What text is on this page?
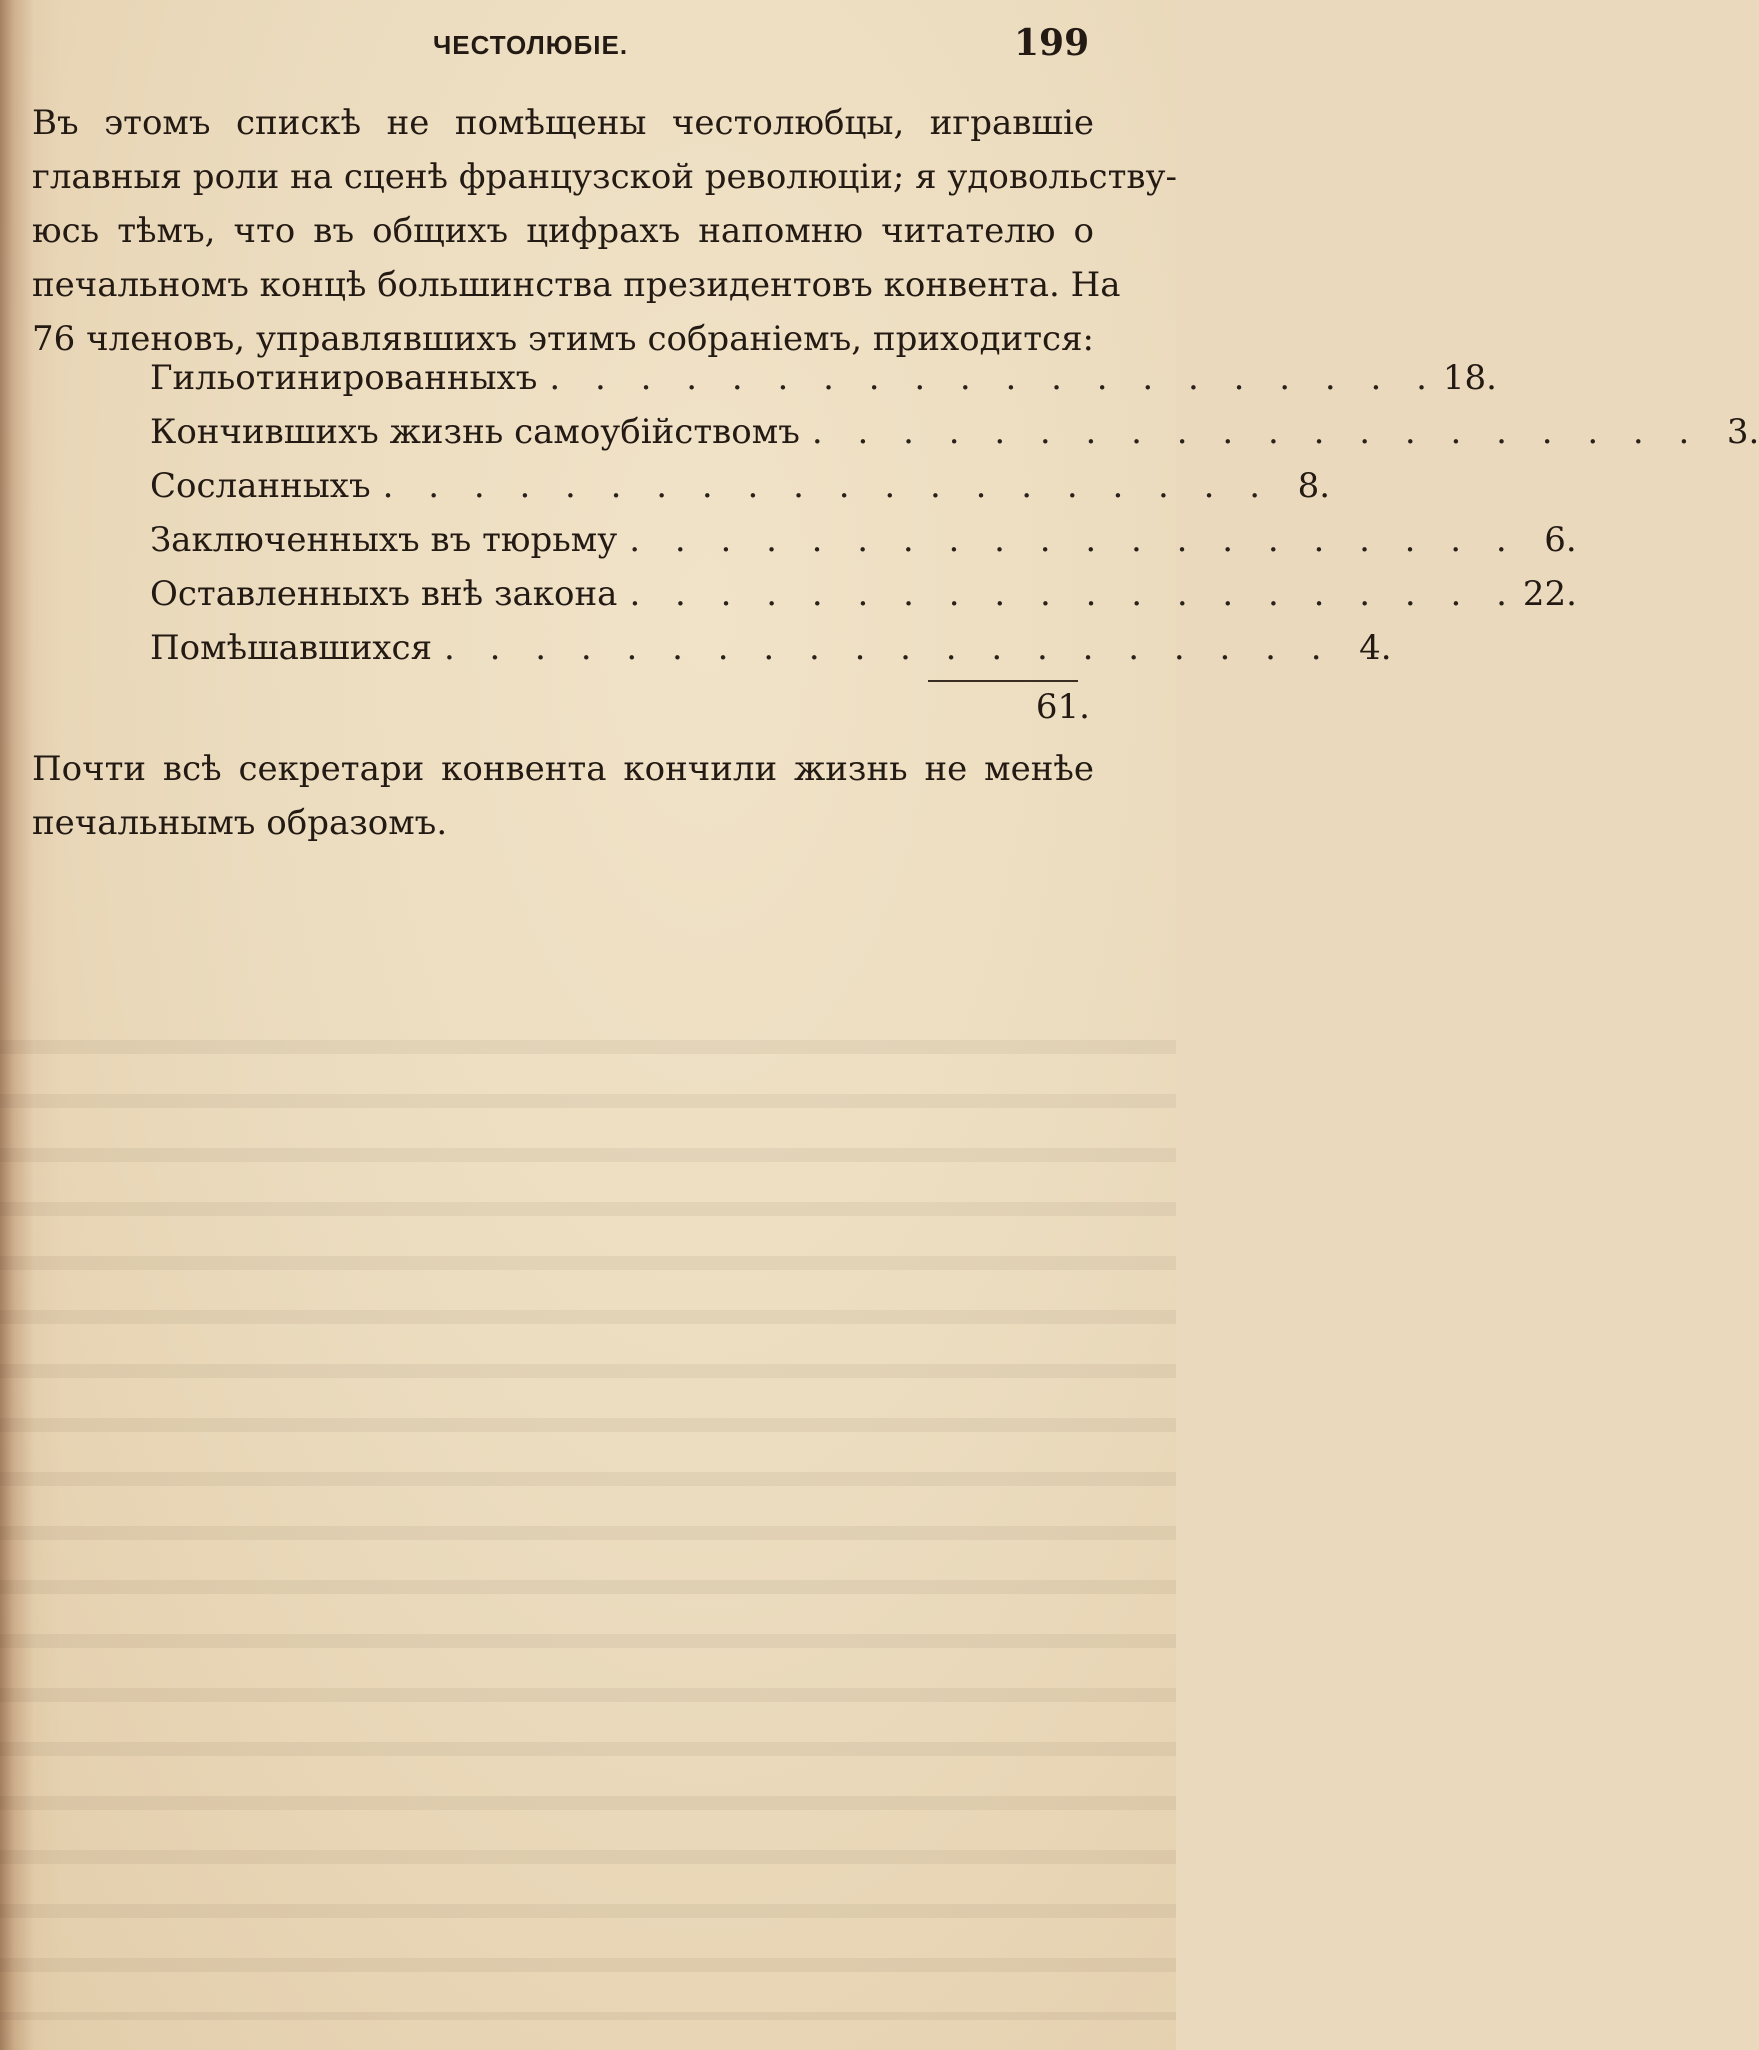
ЧЕСТОЛЮБІЕ.	199
Въ этомъ спискѣ не помѣщены честолюбцы, игравшіе
главныя роли на сценѣ французской революціи; я удовольству-
юсь тѣмъ, что въ общихъ цифрахъ напомню читателю о
печальномъ концѣ большинства президентовъ конвента. На
76 членовъ, управлявшихъ этимъ собраніемъ, приходится:
Гильотинированныхъ . . . . . . . . . . . . . . . . . . . . 18.
Кончившихъ жизнь самоубійствомъ . . . . . . . . . . . . . . . . . . . . 3.
Сосланныхъ . . . . . . . . . . . . . . . . . . . . 8.
Заключенныхъ въ тюрьму . . . . . . . . . . . . . . . . . . . . 6.
Оставленныхъ внѣ закона . . . . . . . . . . . . . . . . . . . . 22.
Помѣшавшихся . . . . . . . . . . . . . . . . . . . . 4.
61.
Почти всѣ секретари конвента кончили жизнь не менѣе
печальнымъ образомъ.
